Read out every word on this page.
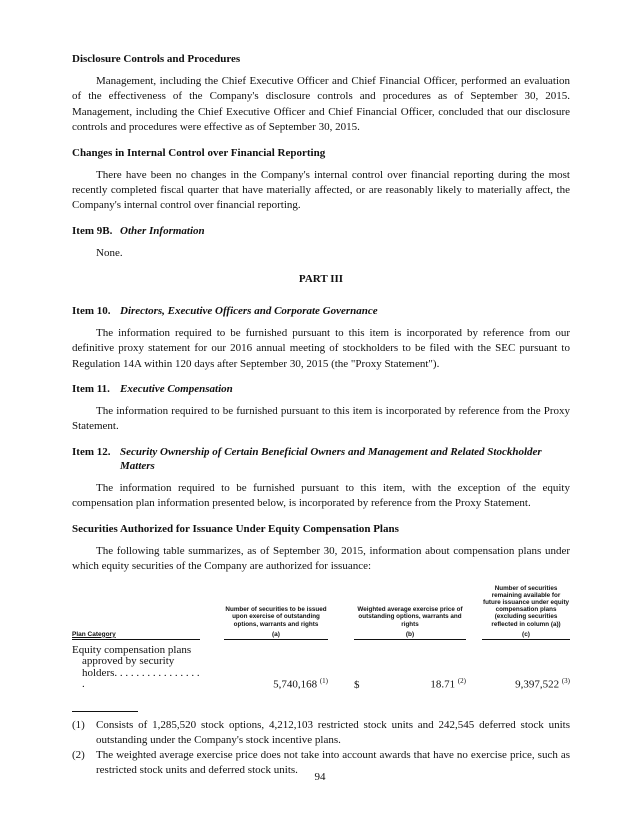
Disclosure Controls and Procedures

Management, including the Chief Executive Officer and Chief Financial Officer, performed an evaluation of the effectiveness of the Company's disclosure controls and procedures as of September 30, 2015. Management, including the Chief Executive Officer and Chief Financial Officer, concluded that our disclosure controls and procedures were effective as of September 30, 2015.

Changes in Internal Control over Financial Reporting

There have been no changes in the Company's internal control over financial reporting during the most recently completed fiscal quarter that have materially affected, or are reasonably likely to materially affect, the Company's internal control over financial reporting.

Item 9B. Other Information
None.
PART III
Item 10. Directors, Executive Officers and Corporate Governance

The information required to be furnished pursuant to this item is incorporated by reference from our definitive proxy statement for our 2016 annual meeting of stockholders to be filed with the SEC pursuant to Regulation 14A within 120 days after September 30, 2015 (the "Proxy Statement").

Item 11. Executive Compensation

The information required to be furnished pursuant to this item is incorporated by reference from the Proxy Statement.

Item 12. Security Ownership of Certain Beneficial Owners and Management and Related Stockholder Matters

The information required to be furnished pursuant to this item, with the exception of the equity compensation plan information presented below, is incorporated by reference from the Proxy Statement.

Securities Authorized for Issuance Under Equity Compensation Plans

The following table summarizes, as of September 30, 2015, information about compensation plans under which equity securities of the Company are authorized for issuance:

		Number of securities to be issued upon exercise of outstanding options, warrants and rights		Weighted average exercise price of outstanding options, warrants and rights			Number of securities remaining available for future issuance under equity compensation plans (excluding securities reflected in column (a))
Plan Category		(a)		(b)			(c)

Equity compensation plans
approved by security
holders. . . . . . . . . . . . . . . . .		5,740,168 $^{(1)}$		$	18.71 $^{(2)}$		9,397,522 $^{(3)}$
(1)	Consists of 1,285,520 stock options, 4,212,103 restricted stock units and 242,545 deferred stock units outstanding under the Company's stock incentive plans.
(2)	The weighted average exercise price does not take into account awards that have no exercise price, such as restricted stock units and deferred stock units.
94
